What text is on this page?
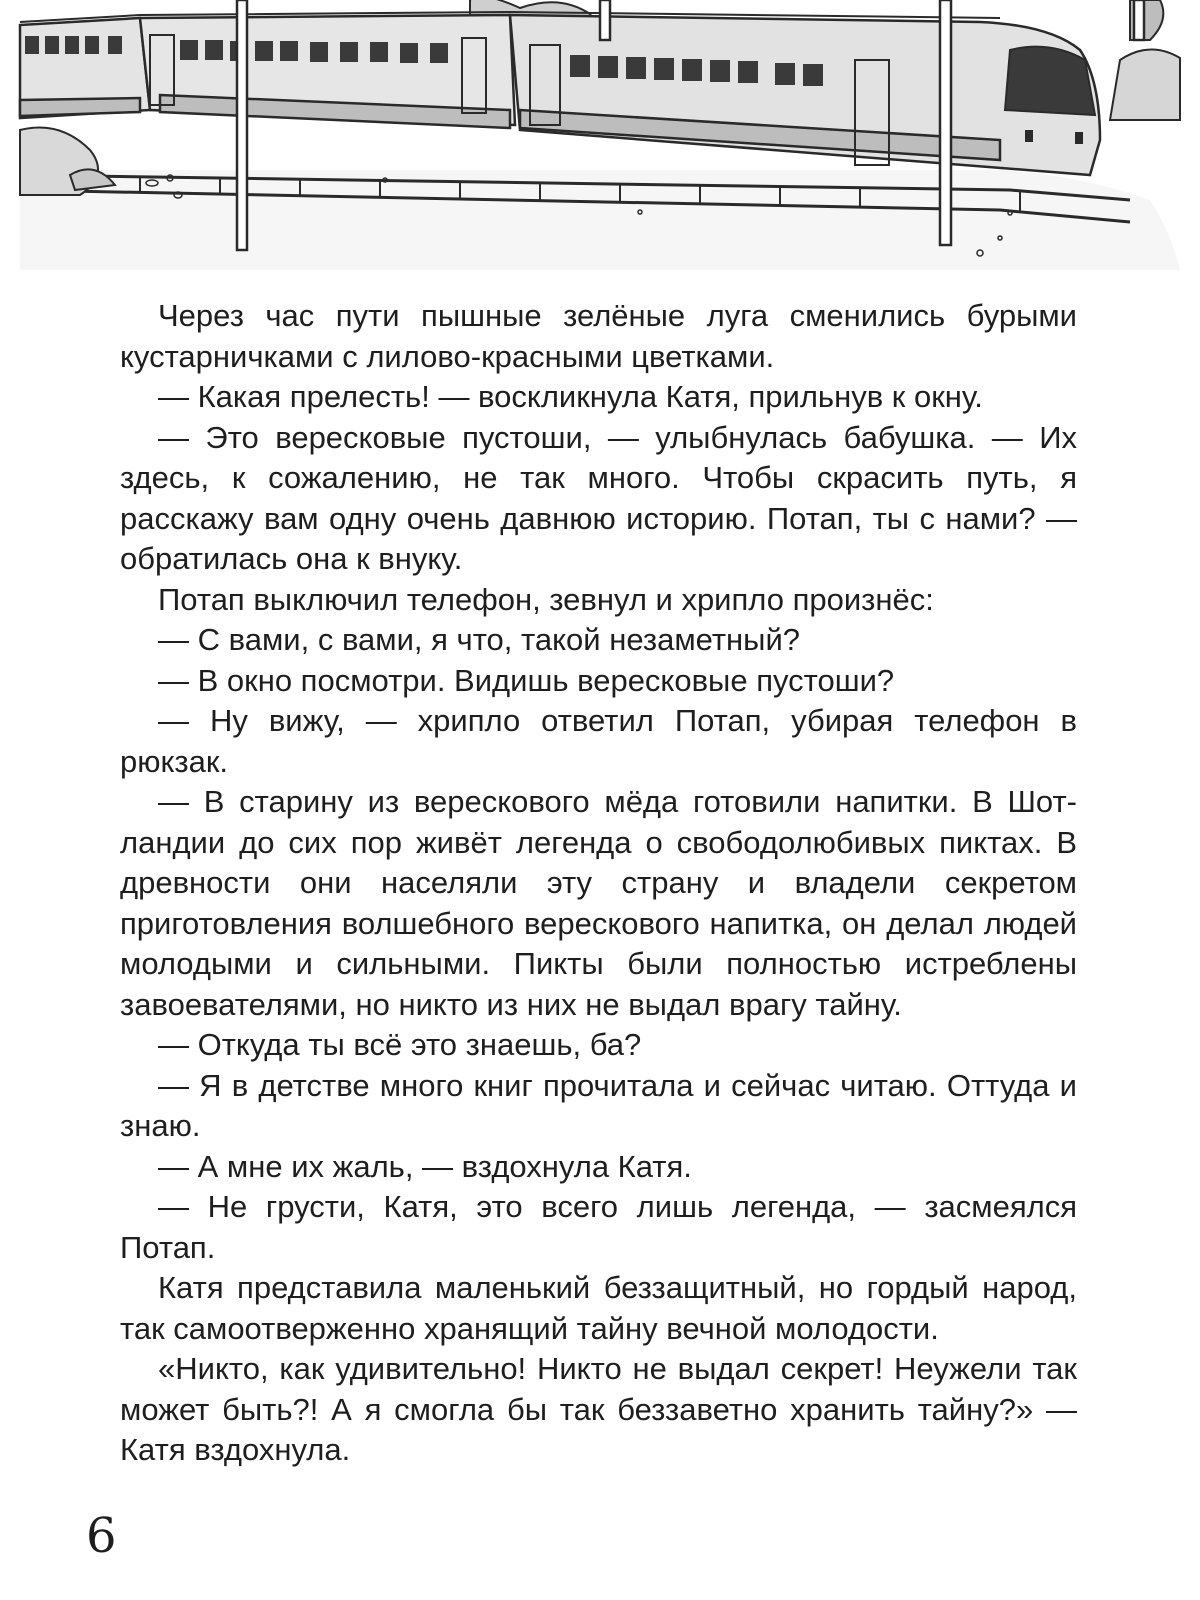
Через час пути пышные зелёные луга сменились бурыми кустарничками с лилово-красными цветками.

— Какая прелесть! — воскликнула Катя, прильнув к окну.

— Это вересковые пустоши, — улыбнулась бабушка. — Их здесь, к сожалению, не так много. Чтобы скрасить путь, я расскажу вам одну очень давнюю историю. Потап, ты с нами? — обратилась она к внуку.

Потап выключил телефон, зевнул и хрипло произнёс:

— С вами, с вами, я что, такой незаметный?

— В окно посмотри. Видишь вересковые пустоши?

— Ну вижу, — хрипло ответил Потап, убирая телефон в рюкзак.

— В старину из верескового мёда готовили напитки. В Шотландии до сих пор живёт легенда о свободолюбивых пиктах. В древности они населяли эту страну и владели секретом приготовления волшебного верескового напитка, он делал людей молодыми и сильными. Пикты были полностью истреблены завоевателями, но никто из них не выдал врагу тайну.

— Откуда ты всё это знаешь, ба?

— Я в детстве много книг прочитала и сейчас читаю. Оттуда и знаю.

— А мне их жаль, — вздохнула Катя.

— Не грусти, Катя, это всего лишь легенда, — засмеялся Потап.

Катя представила маленький беззащитный, но гордый народ, так самоотверженно хранящий тайну вечной молодости.

«Никто, как удивительно! Никто не выдал секрет! Неужели так может быть?! А я смогла бы так беззаветно хранить тайну?» — Катя вздохнула.

6
